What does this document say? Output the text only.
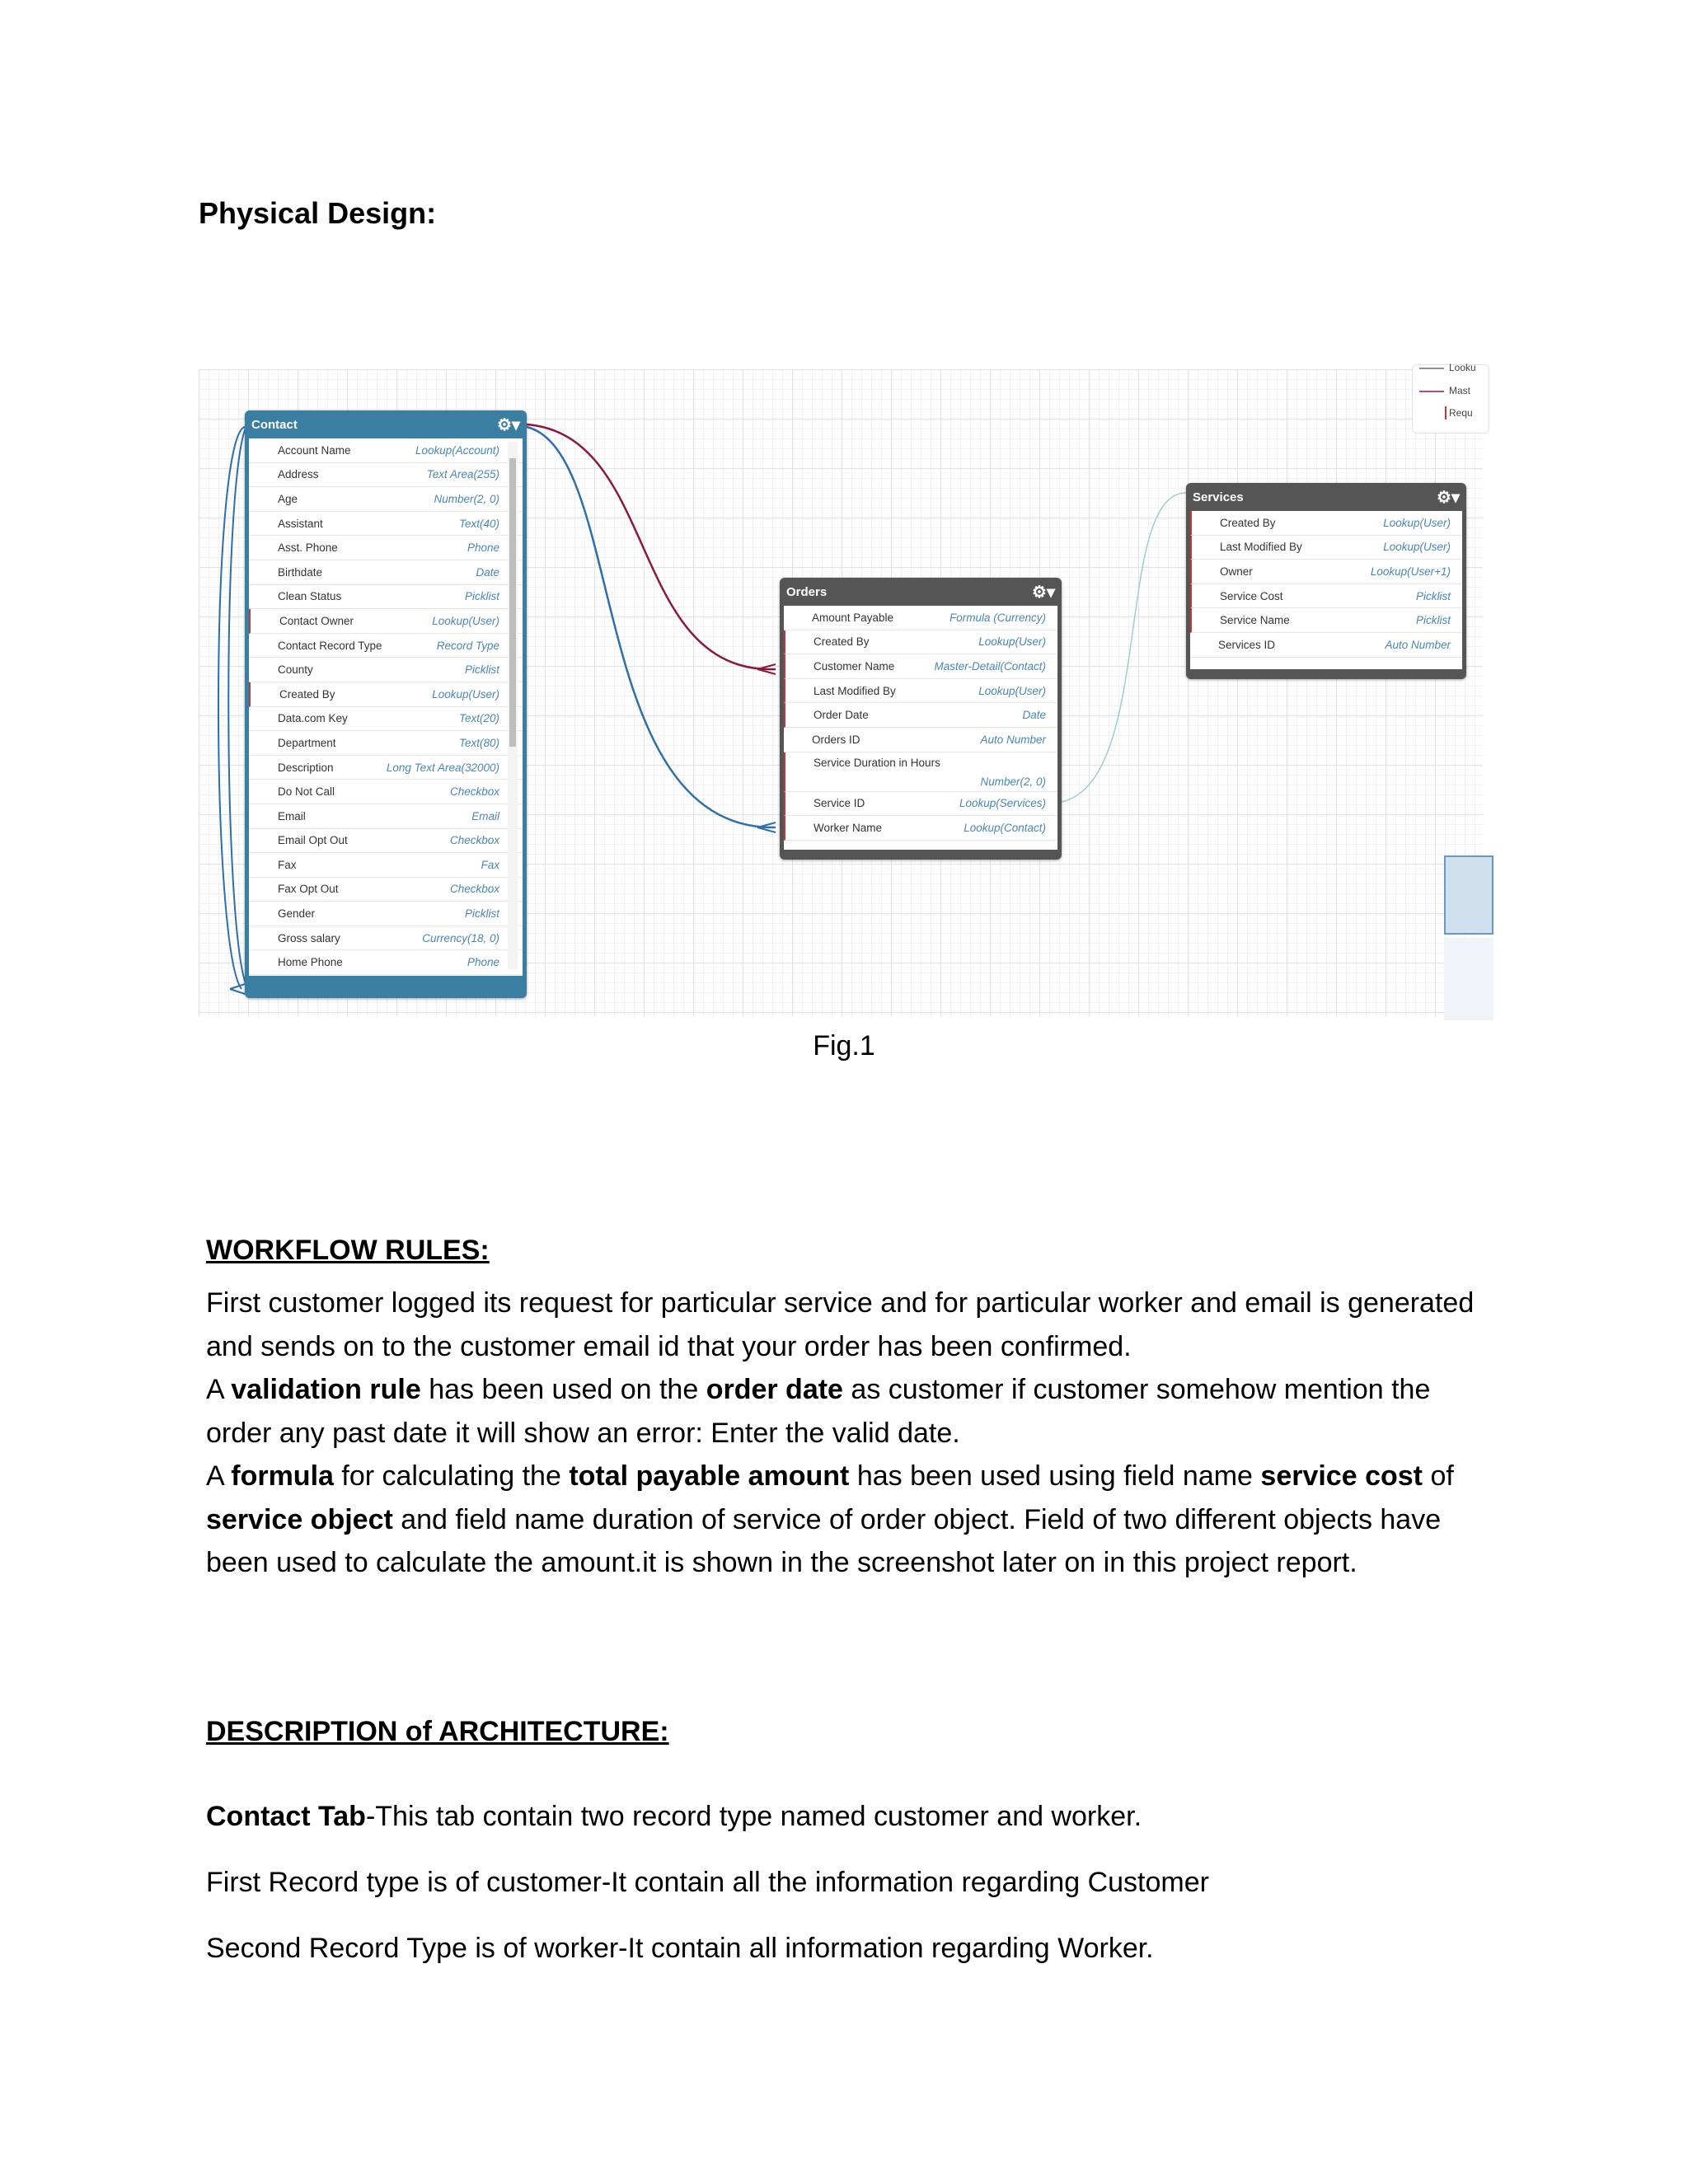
Physical Design:
Looku
Mast
Requ
Contact	⚙▾
Account Name	Lookup(Account)
Address	Text Area(255)
Age	Number(2, 0)
Assistant	Text(40)
Asst. Phone	Phone
Birthdate	Date
Clean Status	Picklist
Contact Owner	Lookup(User)
Contact Record Type	Record Type
County	Picklist
Created By	Lookup(User)
Data.com Key	Text(20)
Department	Text(80)
Description	Long Text Area(32000)
Do Not Call	Checkbox
Email	Email
Email Opt Out	Checkbox
Fax	Fax
Fax Opt Out	Checkbox
Gender	Picklist
Gross salary	Currency(18, 0)
Home Phone	Phone
Orders	⚙▾
Amount Payable	Formula (Currency)
Created By	Lookup(User)
Customer Name	Master-Detail(Contact)
Last Modified By	Lookup(User)
Order Date	Date
Orders ID	Auto Number
Service Duration in Hours
Number(2, 0)
Service ID	Lookup(Services)
Worker Name	Lookup(Contact)
Services	⚙▾
Created By	Lookup(User)
Last Modified By	Lookup(User)
Owner	Lookup(User+1)
Service Cost	Picklist
Service Name	Picklist
Services ID	Auto Number
Fig.1
WORKFLOW RULES:
First customer logged its request for particular service and for particular worker and email is generated and sends on to the customer email id that your order has been confirmed.
A validation rule has been used on the order date as customer if customer somehow mention the order any past date it will show an error: Enter the valid date.
A formula for calculating the total payable amount has been used using field name service cost of service object and field name duration of service of order object. Field of two different objects have been used to calculate the amount.it is shown in the screenshot later on in this project report.
DESCRIPTION of ARCHITECTURE:
Contact Tab-This tab contain two record type named customer and worker.
First Record type is of customer-It contain all the information regarding Customer
Second Record Type is of worker-It contain all information regarding Worker.
